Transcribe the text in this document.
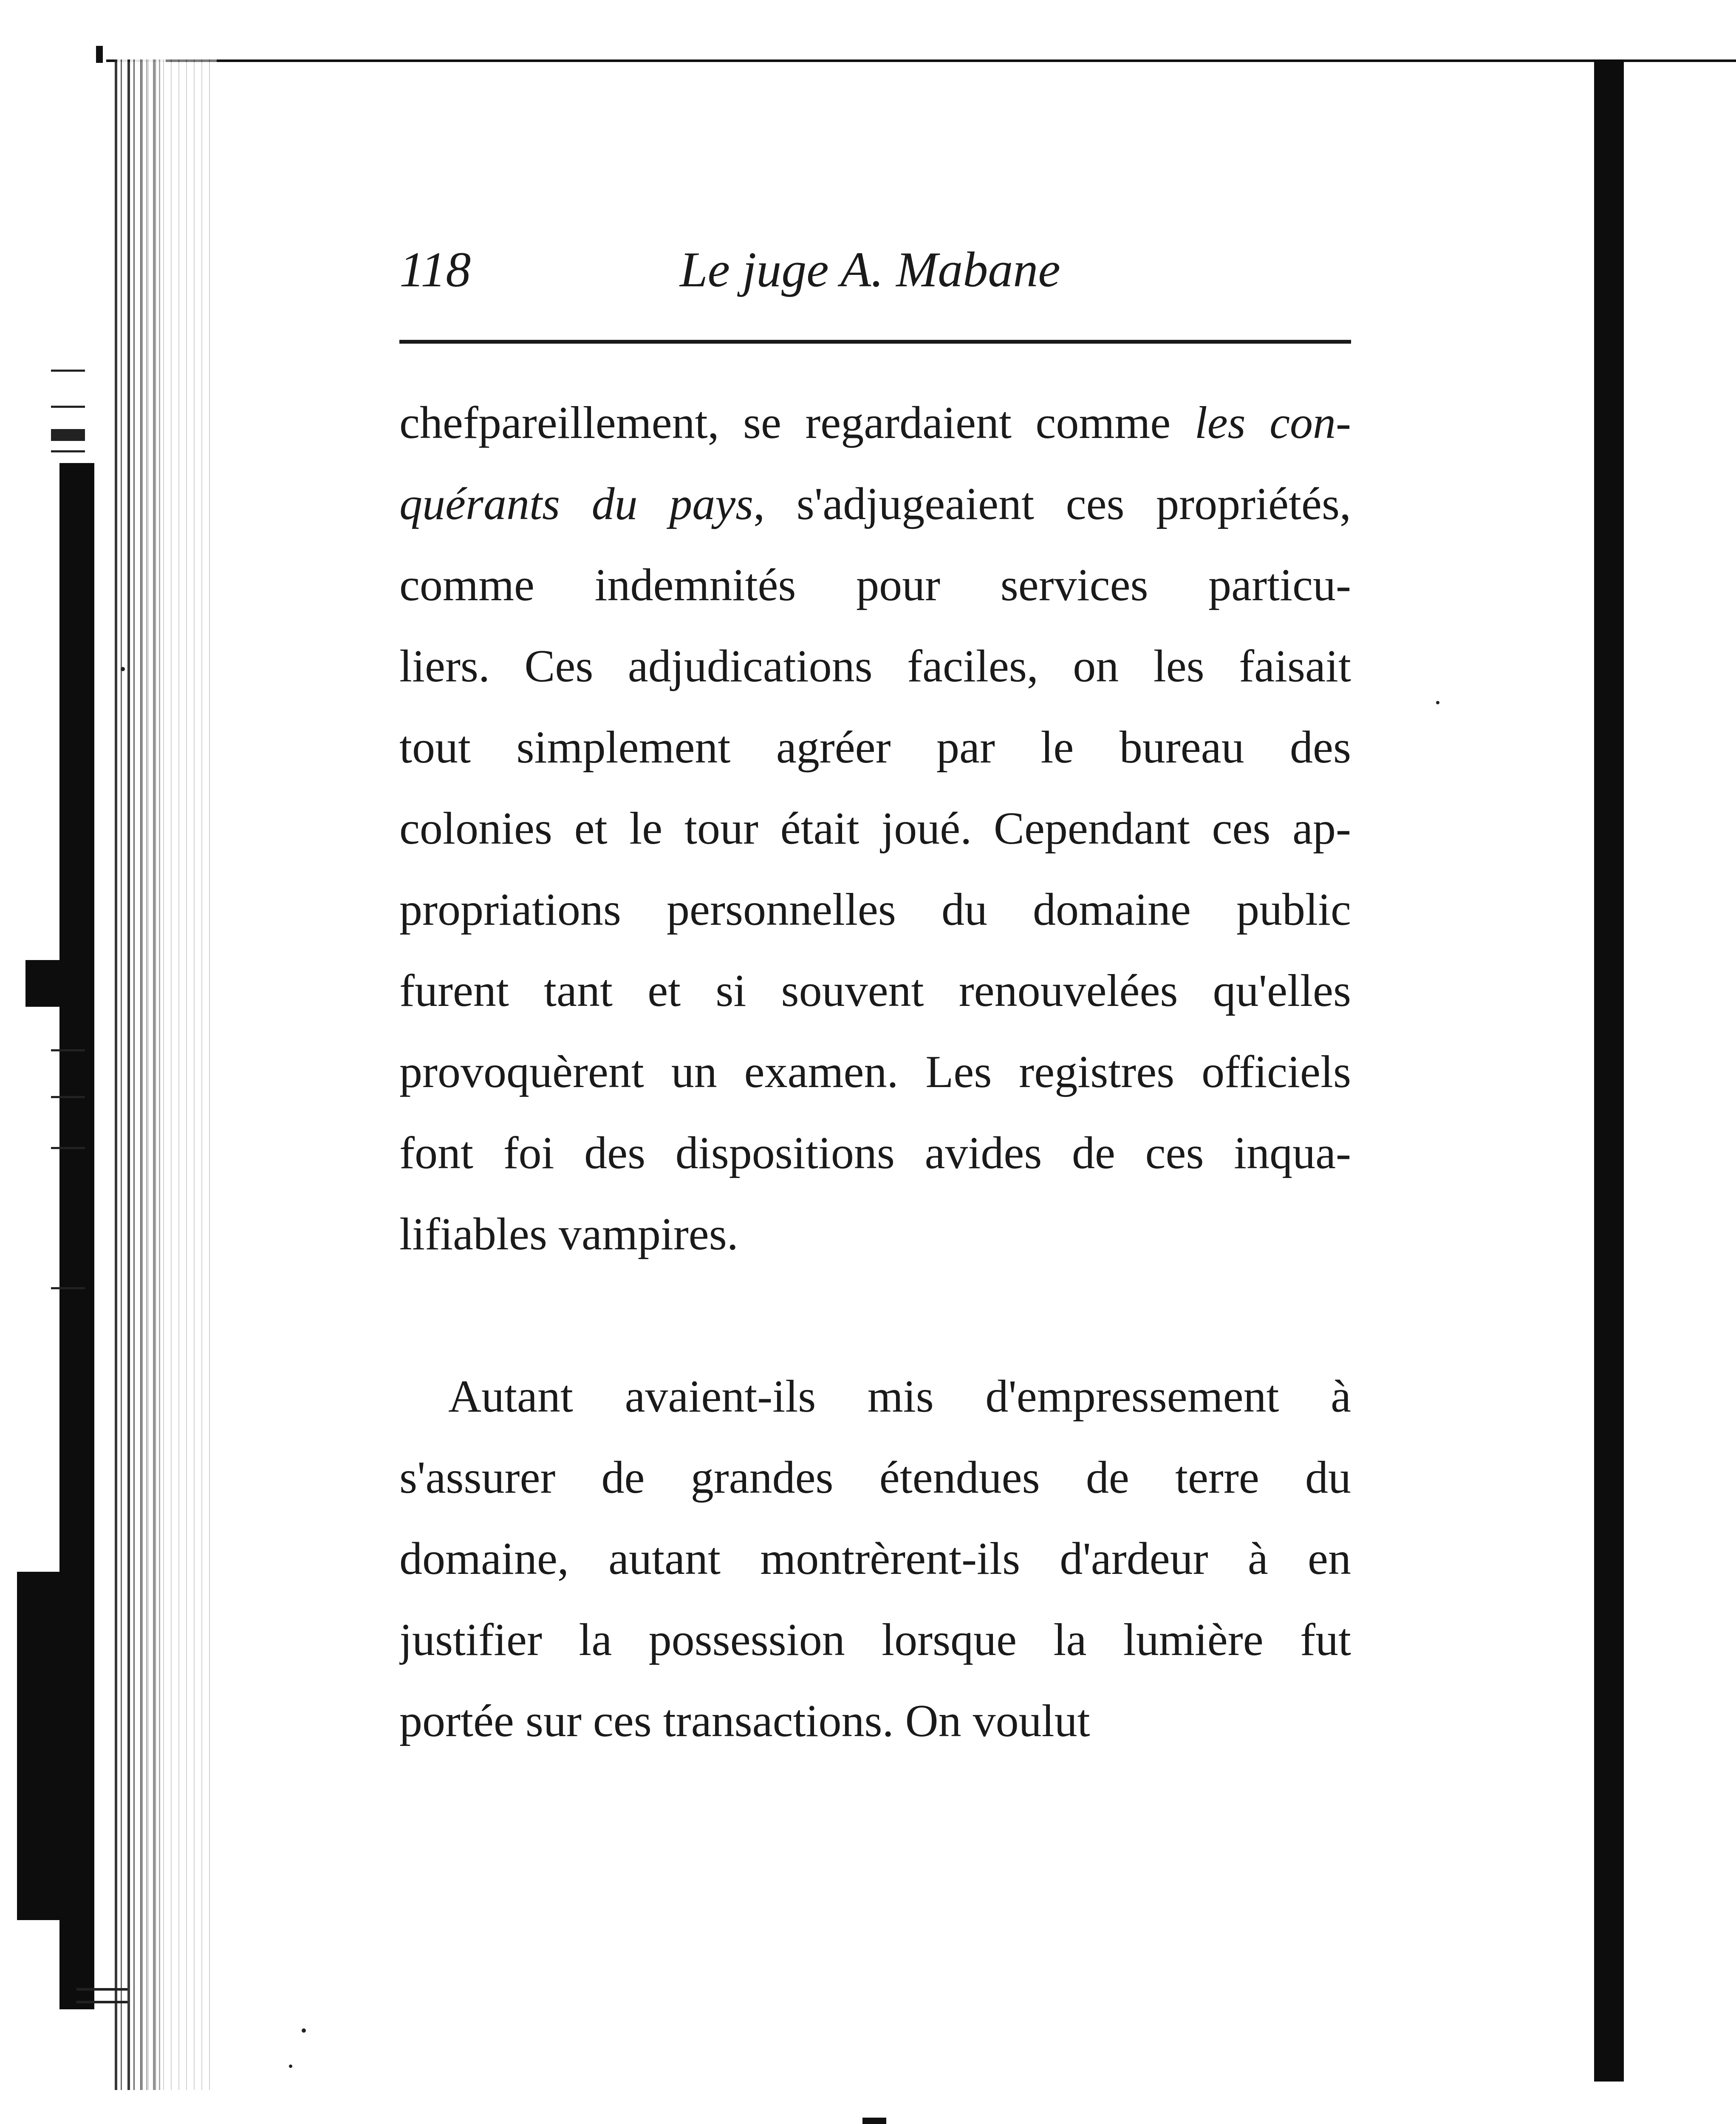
118	Le juge A. Mabane
chefpareillement, se regardaient comme les con-
quérants du pays, s'adjugeaient ces propriétés,
comme indemnités pour services particu-
liers. Ces adjudications faciles, on les faisait
tout simplement agréer par le bureau des
colonies et le tour était joué. Cependant ces ap-
propriations personnelles du domaine public
furent tant et si souvent renouvelées qu'elles
provoquèrent un examen. Les registres officiels
font foi des dispositions avides de ces inqua-
lifiables vampires.
Autant avaient-ils mis d'empressement à
s'assurer de grandes étendues de terre du
domaine, autant montrèrent-ils d'ardeur à en
justifier la possession lorsque la lumière fut
portée sur ces transactions. On voulut
